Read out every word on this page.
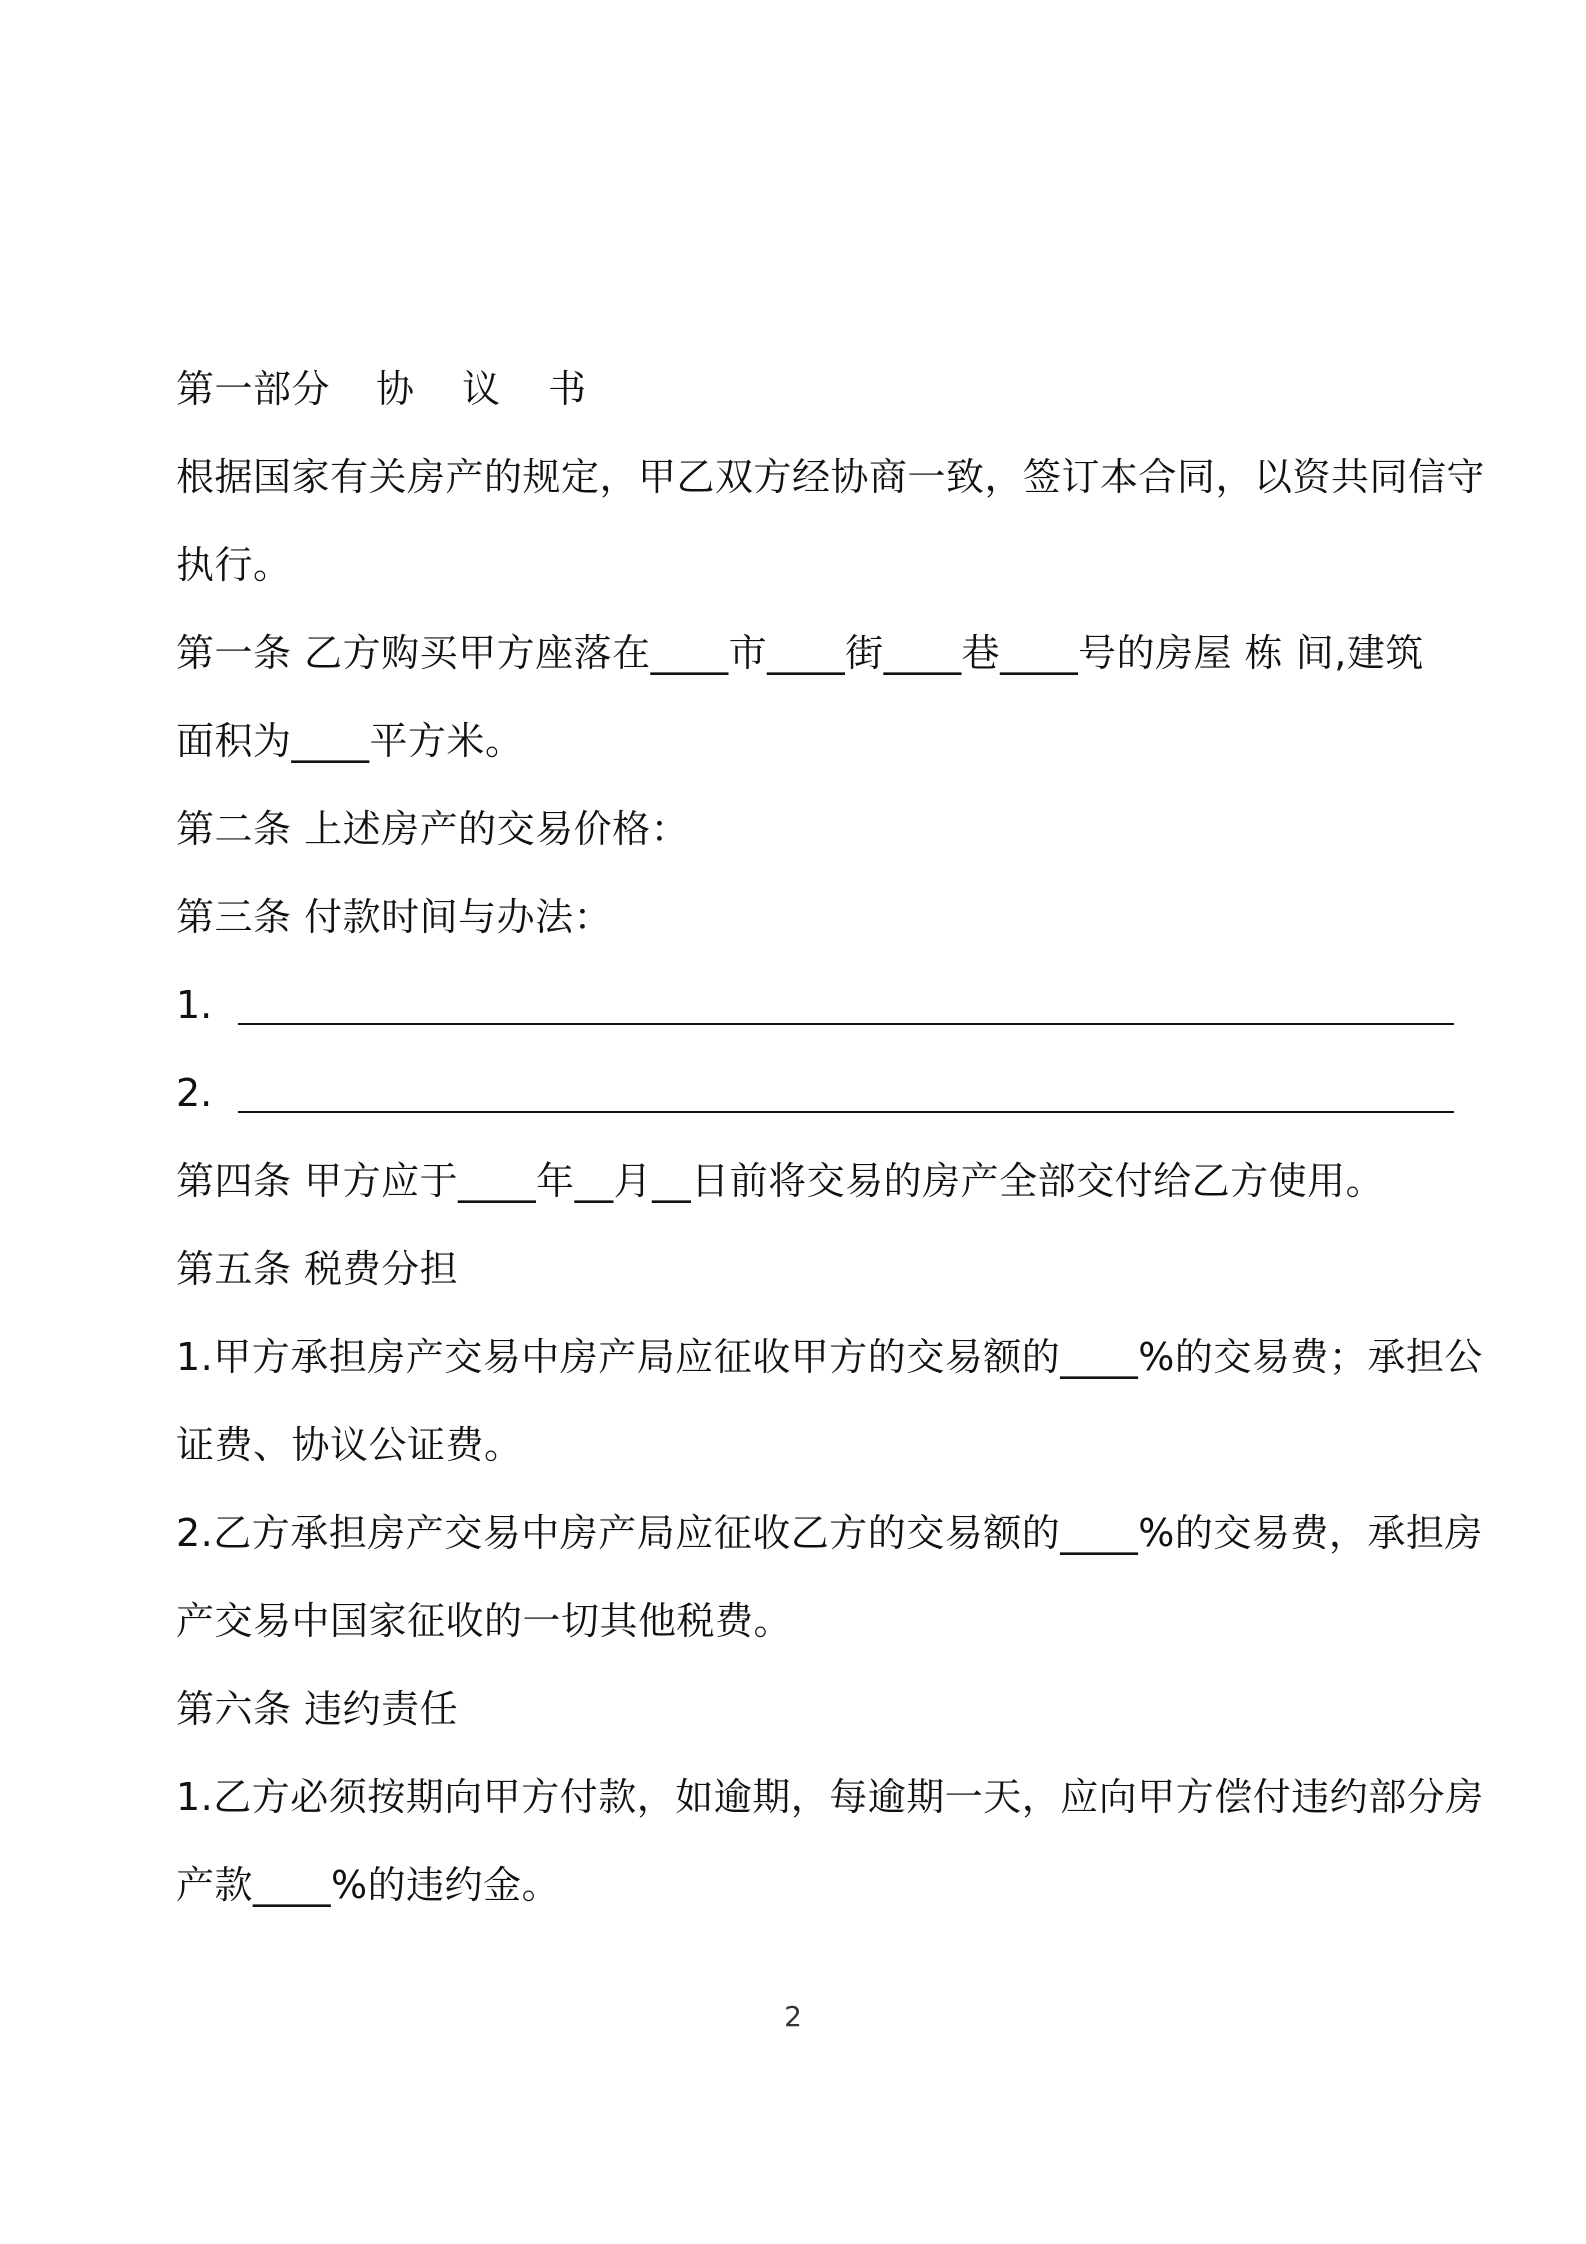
第一部分 协 议 书
根据国家有关房产的规定，甲乙双方经协商一致，签订本合同，以资共同信守
执行。
第一条 乙方购买甲方座落在____市____街____巷____号的房屋 栋 间,建筑
面积为____平方米。
第二条 上述房产的交易价格：
第三条 付款时间与办法：
1.
2.
第四条 甲方应于____年__月__日前将交易的房产全部交付给乙方使用。
第五条 税费分担
1.甲方承担房产交易中房产局应征收甲方的交易额的____%的交易费；承担公
证费、协议公证费。
2.乙方承担房产交易中房产局应征收乙方的交易额的____%的交易费，承担房
产交易中国家征收的一切其他税费。
第六条 违约责任
1.乙方必须按期向甲方付款，如逾期，每逾期一天，应向甲方偿付违约部分房
产款____%的违约金。
2
